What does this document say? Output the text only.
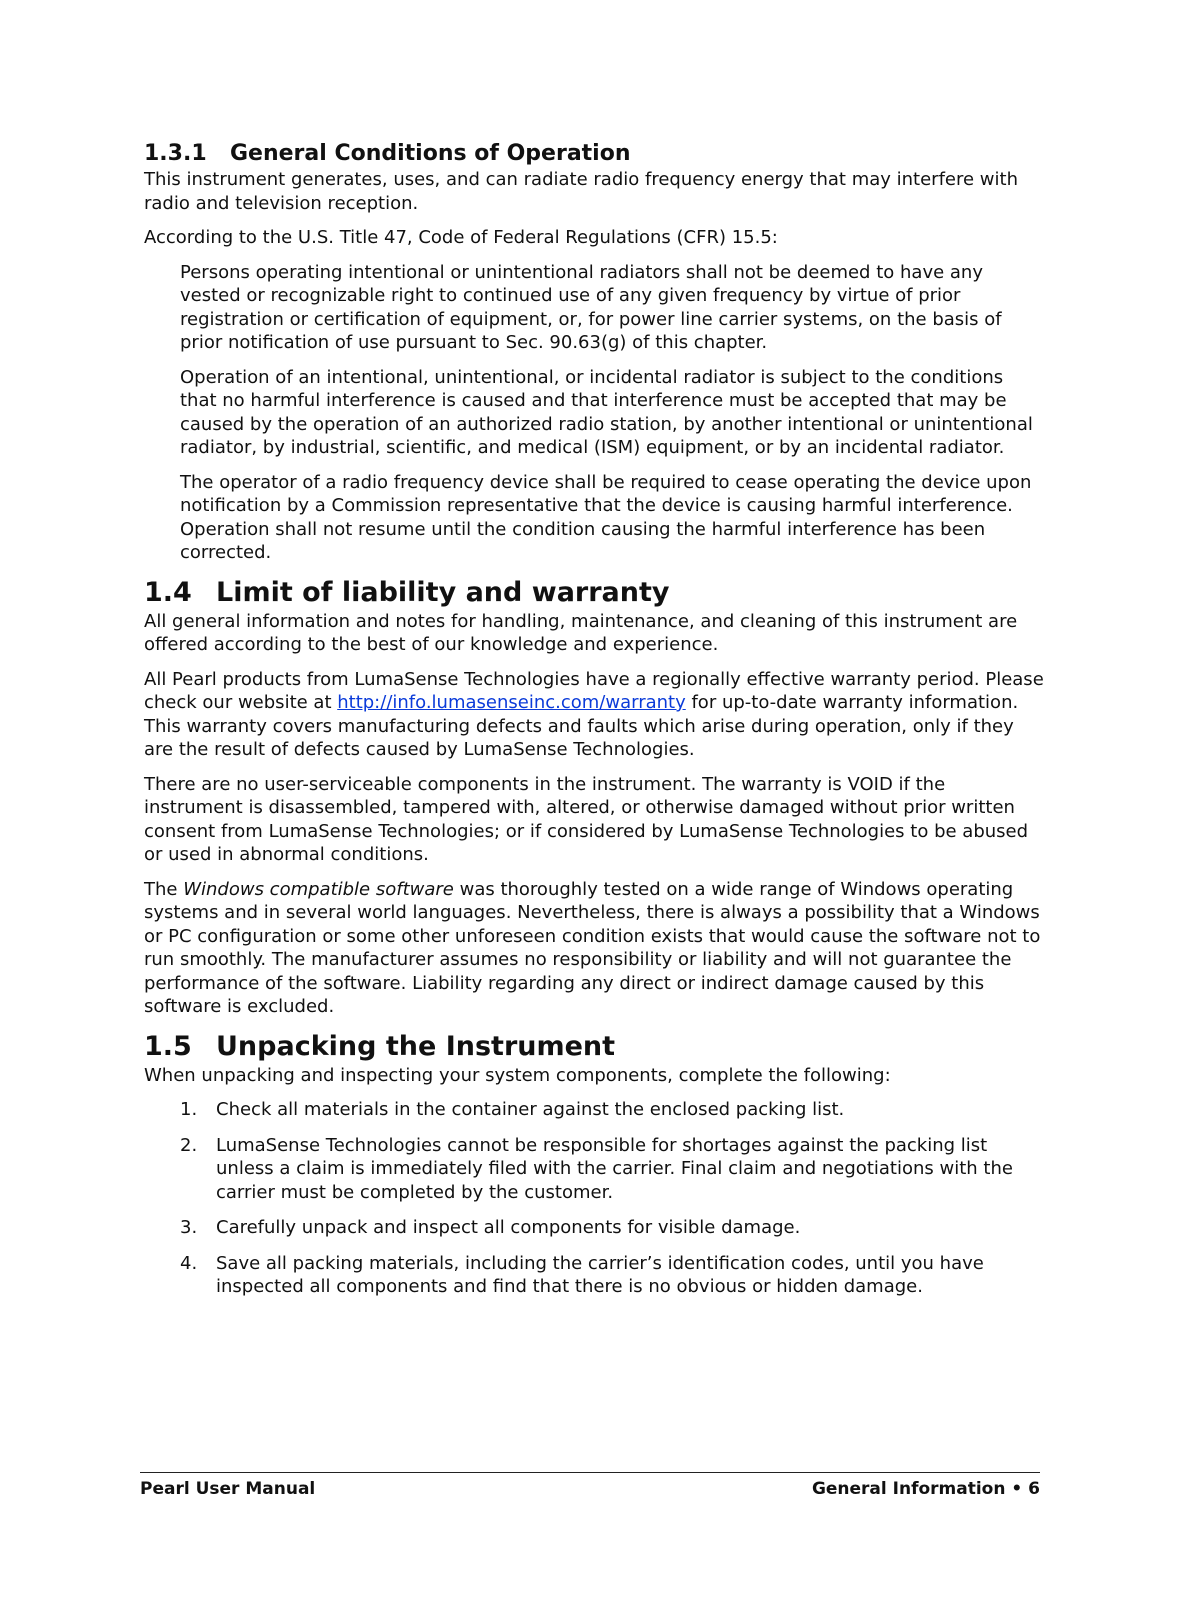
1.3.1 General Conditions of Operation

This instrument generates, uses, and can radiate radio frequency energy that may interfere with radio and television reception.

According to the U.S. Title 47, Code of Federal Regulations (CFR) 15.5:

Persons operating intentional or unintentional radiators shall not be deemed to have any vested or recognizable right to continued use of any given frequency by virtue of prior registration or certification of equipment, or, for power line carrier systems, on the basis of prior notification of use pursuant to Sec. 90.63(g) of this chapter.

Operation of an intentional, unintentional, or incidental radiator is subject to the conditions that no harmful interference is caused and that interference must be accepted that may be caused by the operation of an authorized radio station, by another intentional or unintentional radiator, by industrial, scientific, and medical (ISM) equipment, or by an incidental radiator.

The operator of a radio frequency device shall be required to cease operating the device upon notification by a Commission representative that the device is causing harmful interference. Operation shall not resume until the condition causing the harmful interference has been corrected.

1.4 Limit of liability and warranty

All general information and notes for handling, maintenance, and cleaning of this instrument are offered according to the best of our knowledge and experience.

All Pearl products from LumaSense Technologies have a regionally effective warranty period. Please check our website at http://info.lumasenseinc.com/warranty for up-to-date warranty information. This warranty covers manufacturing defects and faults which arise during operation, only if they are the result of defects caused by LumaSense Technologies.

There are no user-serviceable components in the instrument. The warranty is VOID if the instrument is disassembled, tampered with, altered, or otherwise damaged without prior written consent from LumaSense Technologies; or if considered by LumaSense Technologies to be abused or used in abnormal conditions.

The Windows compatible software was thoroughly tested on a wide range of Windows operating systems and in several world languages. Nevertheless, there is always a possibility that a Windows or PC configuration or some other unforeseen condition exists that would cause the software not to run smoothly. The manufacturer assumes no responsibility or liability and will not guarantee the performance of the software. Liability regarding any direct or indirect damage caused by this software is excluded.

1.5 Unpacking the Instrument

When unpacking and inspecting your system components, complete the following:

1. Check all materials in the container against the enclosed packing list.
2. LumaSense Technologies cannot be responsible for shortages against the packing list unless a claim is immediately filed with the carrier. Final claim and negotiations with the carrier must be completed by the customer.
3. Carefully unpack and inspect all components for visible damage.
4. Save all packing materials, including the carrier’s identification codes, until you have inspected all components and find that there is no obvious or hidden damage.
Pearl User Manual	General Information • 6
